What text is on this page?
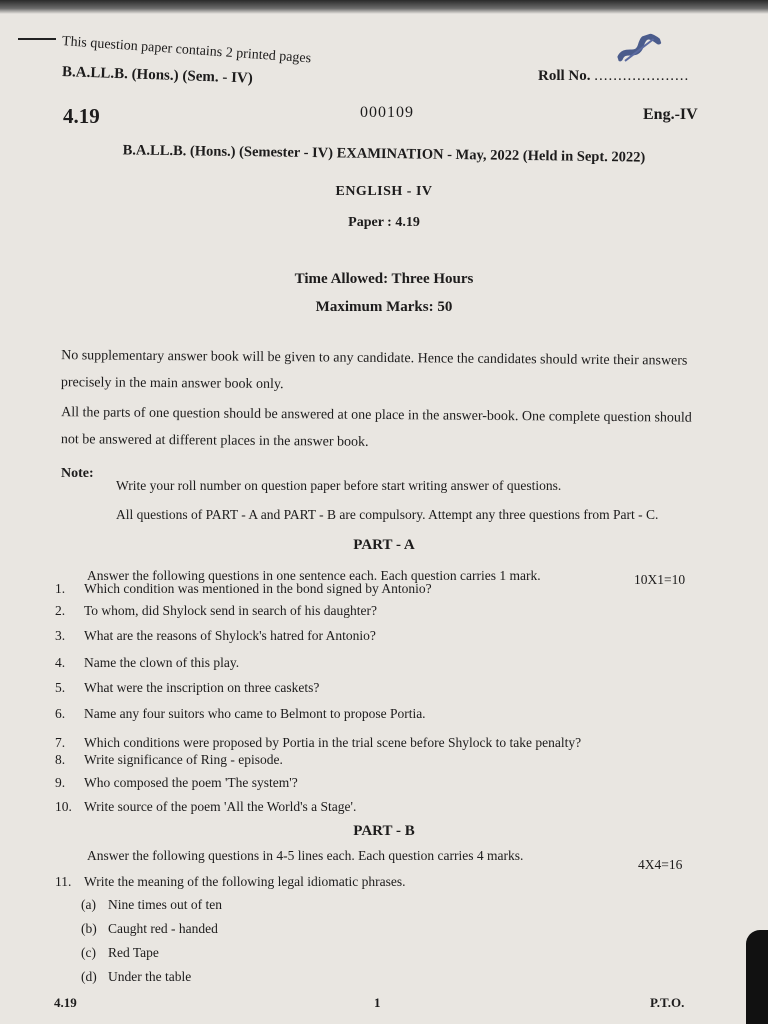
This question paper contains 2 printed pages
B.A.LL.B. (Hons.) (Sem. - IV)	Roll No. ....................
4.19	000109	Eng.-IV
B.A.LL.B. (Hons.) (Semester - IV) EXAMINATION - May, 2022 (Held in Sept. 2022)
ENGLISH - IV
Paper : 4.19
Time Allowed: Three Hours
Maximum Marks: 50
No supplementary answer book will be given to any candidate. Hence the candidates should write their answers precisely in the main answer book only.
All the parts of one question should be answered at one place in the answer-book. One complete question should not be answered at different places in the answer book.
Note:
Write your roll number on question paper before start writing answer of questions.
All questions of PART - A and PART - B are compulsory. Attempt any three questions from Part - C.
PART - A
Answer the following questions in one sentence each. Each question carries 1 mark.	10X1=10
1. Which condition was mentioned in the bond signed by Antonio?
2. To whom, did Shylock send in search of his daughter?
3. What are the reasons of Shylock's hatred for Antonio?
4. Name the clown of this play.
5. What were the inscription on three caskets?
6. Name any four suitors who came to Belmont to propose Portia.
7. Which conditions were proposed by Portia in the trial scene before Shylock to take penalty?
8. Write significance of Ring - episode.
9. Who composed the poem 'The system'?
10. Write source of the poem 'All the World's a Stage'.
PART - B
Answer the following questions in 4-5 lines each. Each question carries 4 marks.
4X4=16
11. Write the meaning of the following legal idiomatic phrases.
(a) Nine times out of ten
(b) Caught red - handed
(c) Red Tape
(d) Under the table
4.19	1	P.T.O.
